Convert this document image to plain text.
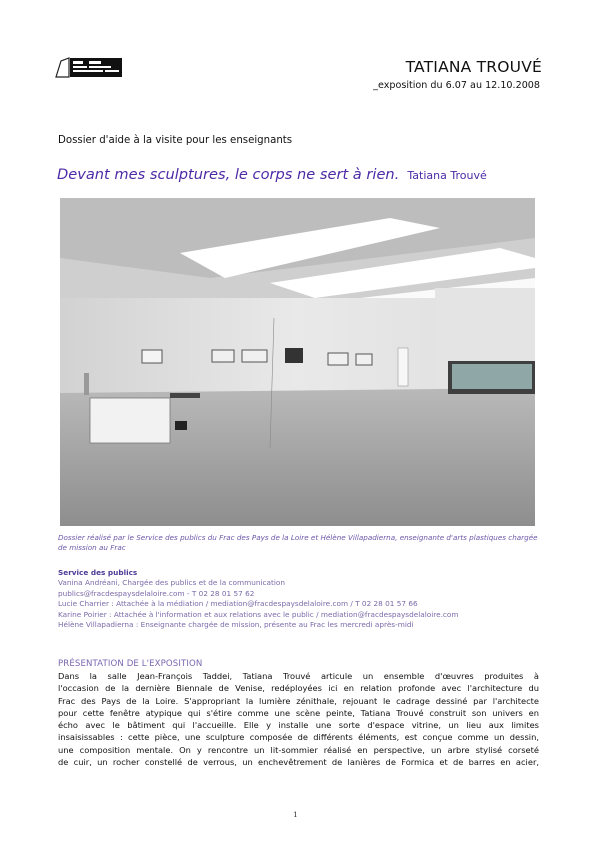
TATIANA TROUVÉ
_exposition du 6.07 au 12.10.2008
Dossier d'aide à la visite pour les enseignants
Devant mes sculptures, le corps ne sert à rien. Tatiana Trouvé
Dossier réalisé par le Service des publics du Frac des Pays de la Loire et Hélène Villapadierna, enseignante d'arts plastiques chargée de mission au Frac
Service des publics
Vanina Andréani, Chargée des publics et de la communication
publics@fracdespaysdelaloire.com - T 02 28 01 57 62
Lucie Charrier : Attachée à la médiation / mediation@fracdespaysdelaloire.com / T 02 28 01 57 66
Karine Poirier : Attachée à l'information et aux relations avec le public / mediation@fracdespaysdelaloire.com
Hélène Villapadierna : Enseignante chargée de mission, présente au Frac les mercredi après-midi
PRÉSENTATION DE L'EXPOSITION
Dans la salle Jean-François Taddei, Tatiana Trouvé articule un ensemble d'œuvres produites à
l'occasion de la dernière Biennale de Venise, redéployées ici en relation profonde avec l'architecture du
Frac des Pays de la Loire. S'appropriant la lumière zénithale, rejouant le cadrage dessiné par l'architecte
pour cette fenêtre atypique qui s'étire comme une scène peinte, Tatiana Trouvé construit son univers en
écho avec le bâtiment qui l'accueille. Elle y installe une sorte d'espace vitrine, un lieu aux limites
insaisissables : cette pièce, une sculpture composée de différents éléments, est conçue comme un dessin,
une composition mentale. On y rencontre un lit-sommier réalisé en perspective, un arbre stylisé corseté
de cuir, un rocher constellé de verrous, un enchevêtrement de lanières de Formica et de barres en acier,
1
